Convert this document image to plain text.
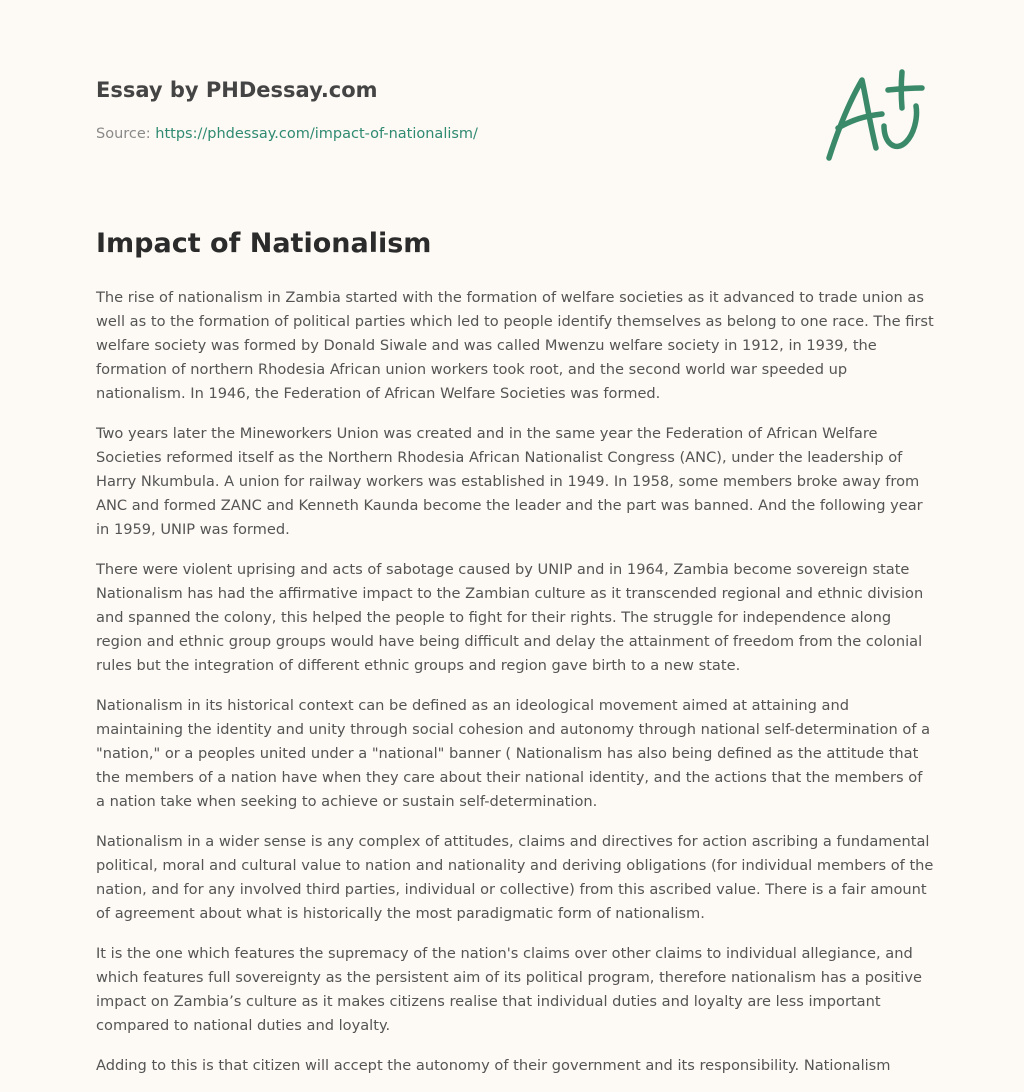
Essay by PHDessay.com
Source: https://phdessay.com/impact-of-nationalism/
Impact of Nationalism

The rise of nationalism in Zambia started with the formation of welfare societies as it advanced to trade union as well as to the formation of political parties which led to people identify themselves as belong to one race. The first welfare society was formed by Donald Siwale and was called Mwenzu welfare society in 1912, in 1939, the formation of northern Rhodesia African union workers took root, and the second world war speeded up nationalism. In 1946, the Federation of African Welfare Societies was formed.

Two years later the Mineworkers Union was created and in the same year the Federation of African Welfare Societies reformed itself as the Northern Rhodesia African Nationalist Congress (ANC), under the leadership of Harry Nkumbula. A union for railway workers was established in 1949. In 1958, some members broke away from ANC and formed ZANC and Kenneth Kaunda become the leader and the part was banned. And the following year in 1959, UNIP was formed.

There were violent uprising and acts of sabotage caused by UNIP and in 1964, Zambia become sovereign state Nationalism has had the affirmative impact to the Zambian culture as it transcended regional and ethnic division and spanned the colony, this helped the people to fight for their rights. The struggle for independence along region and ethnic group groups would have being difficult and delay the attainment of freedom from the colonial rules but the integration of different ethnic groups and region gave birth to a new state.

Nationalism in its historical context can be defined as an ideological movement aimed at attaining and maintaining the identity and unity through social cohesion and autonomy through national self-determination of a "nation," or a peoples united under a "national" banner ( Nationalism has also being defined as the attitude that the members of a nation have when they care about their national identity, and the actions that the members of a nation take when seeking to achieve or sustain self-determination.

Nationalism in a wider sense is any complex of attitudes, claims and directives for action ascribing a fundamental political, moral and cultural value to nation and nationality and deriving obligations (for individual members of the nation, and for any involved third parties, individual or collective) from this ascribed value. There is a fair amount of agreement about what is historically the most paradigmatic form of nationalism.

It is the one which features the supremacy of the nation's claims over other claims to individual allegiance, and which features full sovereignty as the persistent aim of its political program, therefore nationalism has a positive impact on Zambia’s culture as it makes citizens realise that individual duties and loyalty are less important compared to national duties and loyalty.

Adding to this is that citizen will accept the autonomy of their government and its responsibility. Nationalism
